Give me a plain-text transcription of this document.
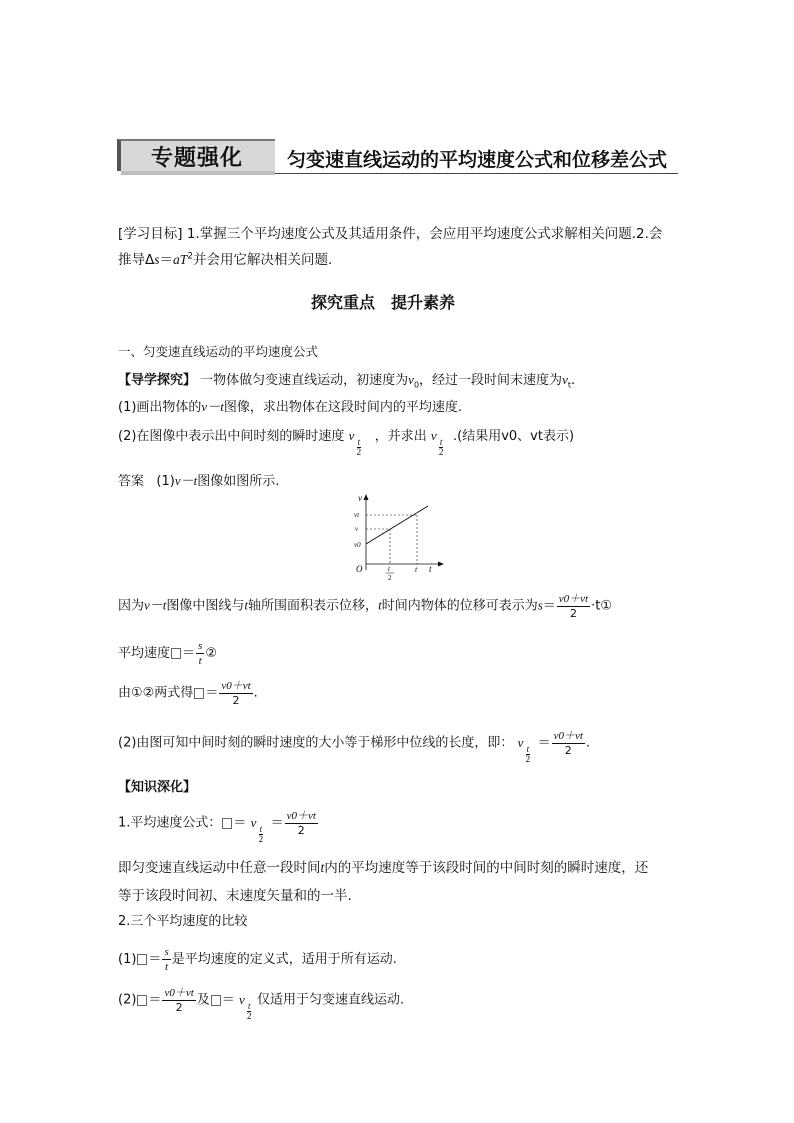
专题强化 匀变速直线运动的平均速度公式和位移差公式
[学习目标] 1.掌握三个平均速度公式及其适用条件，会应用平均速度公式求解相关问题.2.会
推导$\Delta s=aT^2$并会用它解决相关问题.
探究重点　提升素养
一、匀变速直线运动的平均速度公式
【导学探究】 一物体做匀变速直线运动，初速度为$v_0$，经过一段时间末速度为$v_t$.
(1)画出物体的v－t图像，求出物体在这段时间内的平均速度.
(2)在图像中表示出中间时刻的瞬时速度 v t
2
，并求出 v t
2
.(结果用v0、vt表示)
答案 (1)v－t图像如图所示.
v
t
O
vt
v
v0
t
t
2
因为v－t图像中图线与t轴所围面积表示位移，t时间内物体的位移可表示为$s= \frac{v0+vt}{2}$ ·t①
平均速度 ＝ $\frac{s}{t}$ ②
由①②两式得 ＝ $\frac{v0+vt}{2}$ .
(2)由图可知中间时刻的瞬时速度的大小等于梯形中位线的长度，即： v t
2
＝ $\frac{v0+vt}{2}$ .
【知识深化】
1.平均速度公式： ＝ v t
2
＝ $\frac{v0+vt}{2}$
即匀变速直线运动中任意一段时间t内的平均速度等于该段时间的中间时刻的瞬时速度，还
等于该段时间初、末速度矢量和的一半.
2.三个平均速度的比较
$(1) = \frac{s}{t}$ 是平均速度的定义式，适用于所有运动.
$(2) = \frac{v0+vt}{2}$ 及 ＝ v t
2
仅适用于匀变速直线运动.
